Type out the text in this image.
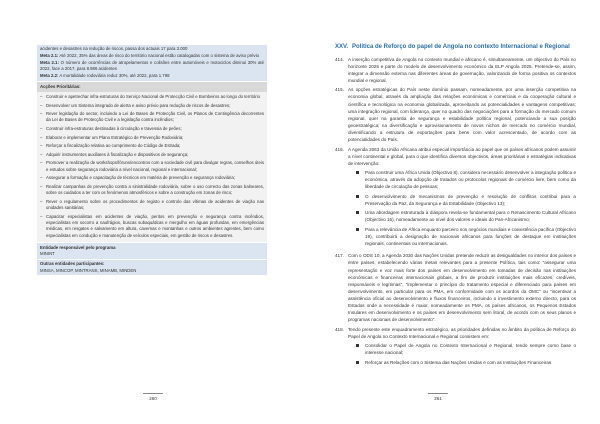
acidentes e desastres na redução de riscos, passa dos actuais 17 para 3.000

Meta 2.1: Até 2022, 35% das áreas de risco do território nacional estão catalogadas com o sistema de aviso prévio

Meta 2.1: O número de ocorrências de atropelamentos e colisões entre automóveis e motociclos diminui 30% até 2022, face a 2017, para 8.986 acidentes

Meta 2.2: A mortalidade rodoviária reduz 30%, até 2022, para 1.798

Acções Prioritárias:
– Construir e apetrechar infra-estruturas do Serviço Nacional de Protecção Civil e Bombeiros ao longo do território
– Desenvolver um Sistema integrado de alerta e aviso prévio para redução de riscos de desastres;
– Rever legislação do sector, incluindo a Lei de Bases de Protecção Civil, os Planos de Contingência decorrentes da Lei de Bases de Protecção Civil e a legislação contra incêndios;
– Construir infra-estruturas destinadas à circulação e travessia de peões;
– Elaborar e implementar um Plano Estratégico de Prevenção Rodoviária;
– Reforçar a fiscalização relativa ao cumprimento do Código de Estrada;
– Adquirir instrumentos auxiliares à fiscalização e dispositivos de segurança;
– Promover a realização de workshops/fóruns/encontros com a sociedade civil para divulgar regras, conselhos úteis e estudos sobre segurança rodoviária a nível nacional, regional e internacional;
– Assegurar a formação e capacitação de técnicos em matéria de prevenção e segurança rodoviária;
– Realizar campanhas de prevenção contra a sinistralidade rodoviária, sobre o uso correcto das zonas balneares, sobre os cuidados a ter com os fenómenos atmosféricos e sobre a construção em zonas de risco;
– Rever o regulamento sobre os procedimentos de registo e controlo das vítimas de acidentes de viação nas unidades sanitárias;
– Capacitar especialistas em acidentes de viação, peritos em prevenção e segurança contra incêndios, especialistas em socorro a naufrágios, buscas subaquáticas e mergulho em águas profundas, em emergências médicas, em resgates e salvamento em altura, cavernas e montanhas e outros ambientes agrestes, bem como especialistas em condução e manutenção de veículos especiais, em gestão de riscos e desastres.
Entidade responsável pelo programa
MININT
Outras entidades participantes:
MINSA, MINCOP, MINTRANS, MINAMB, MINDEN
260
XXV. Política de Reforço do papel de Angola no contexto Internacional e Regional
414. A inserção competitiva de Angola no contexto mundial e africano é, simultaneamente, um objectivo do País no horizonte 2025 e parte do modelo de desenvolvimento económico da ELP Angola 2025. Pretende-se, assim, integrar a dimensão externa nas diferentes áreas de governação, valorizando de forma positiva os contextos mundial e regional.
415. As opções estratégicas do País neste domínio passam, nomeadamente, por uma inserção competitiva na economia global, através da ampliação das relações económicas e comerciais e da cooperação cultural e científica e tecnológica na economia globalizada, aproveitando as potencialidades e vantagens competitivas; uma integração regional, com liderança, quer no quadro das negociações para a formação do mercado comum regional, quer na garantia de segurança e estabilidade política regional, potenciando a sua posição geoestratégica; na diversificação e aprovisionamento de novos nichos de mercado no comércio mundial, diversificando a estrutura de exportações para bens com valor acrescentado, de acordo com as potencialidades do País.
416. A Agenda 2063 da União Africana atribui especial importância ao papel que os países africanos podem assumir a nível continental e global, para o que identifica diversos objectivos, áreas prioritárias e estratégias indicativas de intervenção:
Para construir uma África Unida (Objectivo 8), considera necessário desenvolver a integração política e económica, através da adopção de tratados ou protocolos regionais de comércio livre, bem como da liberdade de circulação de pessoas;
O desenvolvimento de mecanismos de prevenção e resolução de conflitos contribui para a Preservação da Paz, da Segurança e da Estabilidade (Objectivo 13);
Uma abordagem estruturada à diáspora revela-se fundamental para o Renascimento Cultural Africano (Objectivo 16), nomeadamente ao nível dos valores e ideais do Pan-Africanismo;
Para a relevância de África enquanto parceiro nos negócios mundiais e coexistência pacífica (Objectivo 19), contribuirá a designação de nacionais africanos para funções de destaque em instituições regionais, continentais ou internacionais.
417. Com o ODS 10, a Agenda 2030 das Nações Unidas pretende reduzir as desigualdades no interior dos países e entre países, estabelecendo várias metas relevantes para a presente Política, tais como: "assegurar uma representação e voz mais forte dos países em desenvolvimento em tomadas de decisão nas instituições económicas e financeiras internacionais globais, a fim de produzir instituições mais eficazes, credíveis, responsáveis e legítimas", "implementar o princípio do tratamento especial e diferenciado para países em desenvolvimento, em particular para os PMA, em conformidade com os acordos da OMC" ou "incentivar a assistência oficial ao desenvolvimento e fluxos financeiros, incluindo o investimento externo directo, para os Estados onde a necessidade é maior, nomeadamente os PMA, os países africanos, os Pequenos Estados Insulares em desenvolvimento e os países em desenvolvimento sem litoral, de acordo com os seus planos e programas nacionais de desenvolvimento".
418. Tendo presente este enquadramento estratégico, as prioridades definidas no âmbito da política de Reforço do Papel de Angola no Contexto Internacional e Regional consistem em:
Consolidar o Papel de Angola no Contexto Internacional e Regional, tendo sempre como base o interesse nacional;
Reforçar as Relações com o Sistema das Nações Unidas e com as Instituições Financeiras
261
